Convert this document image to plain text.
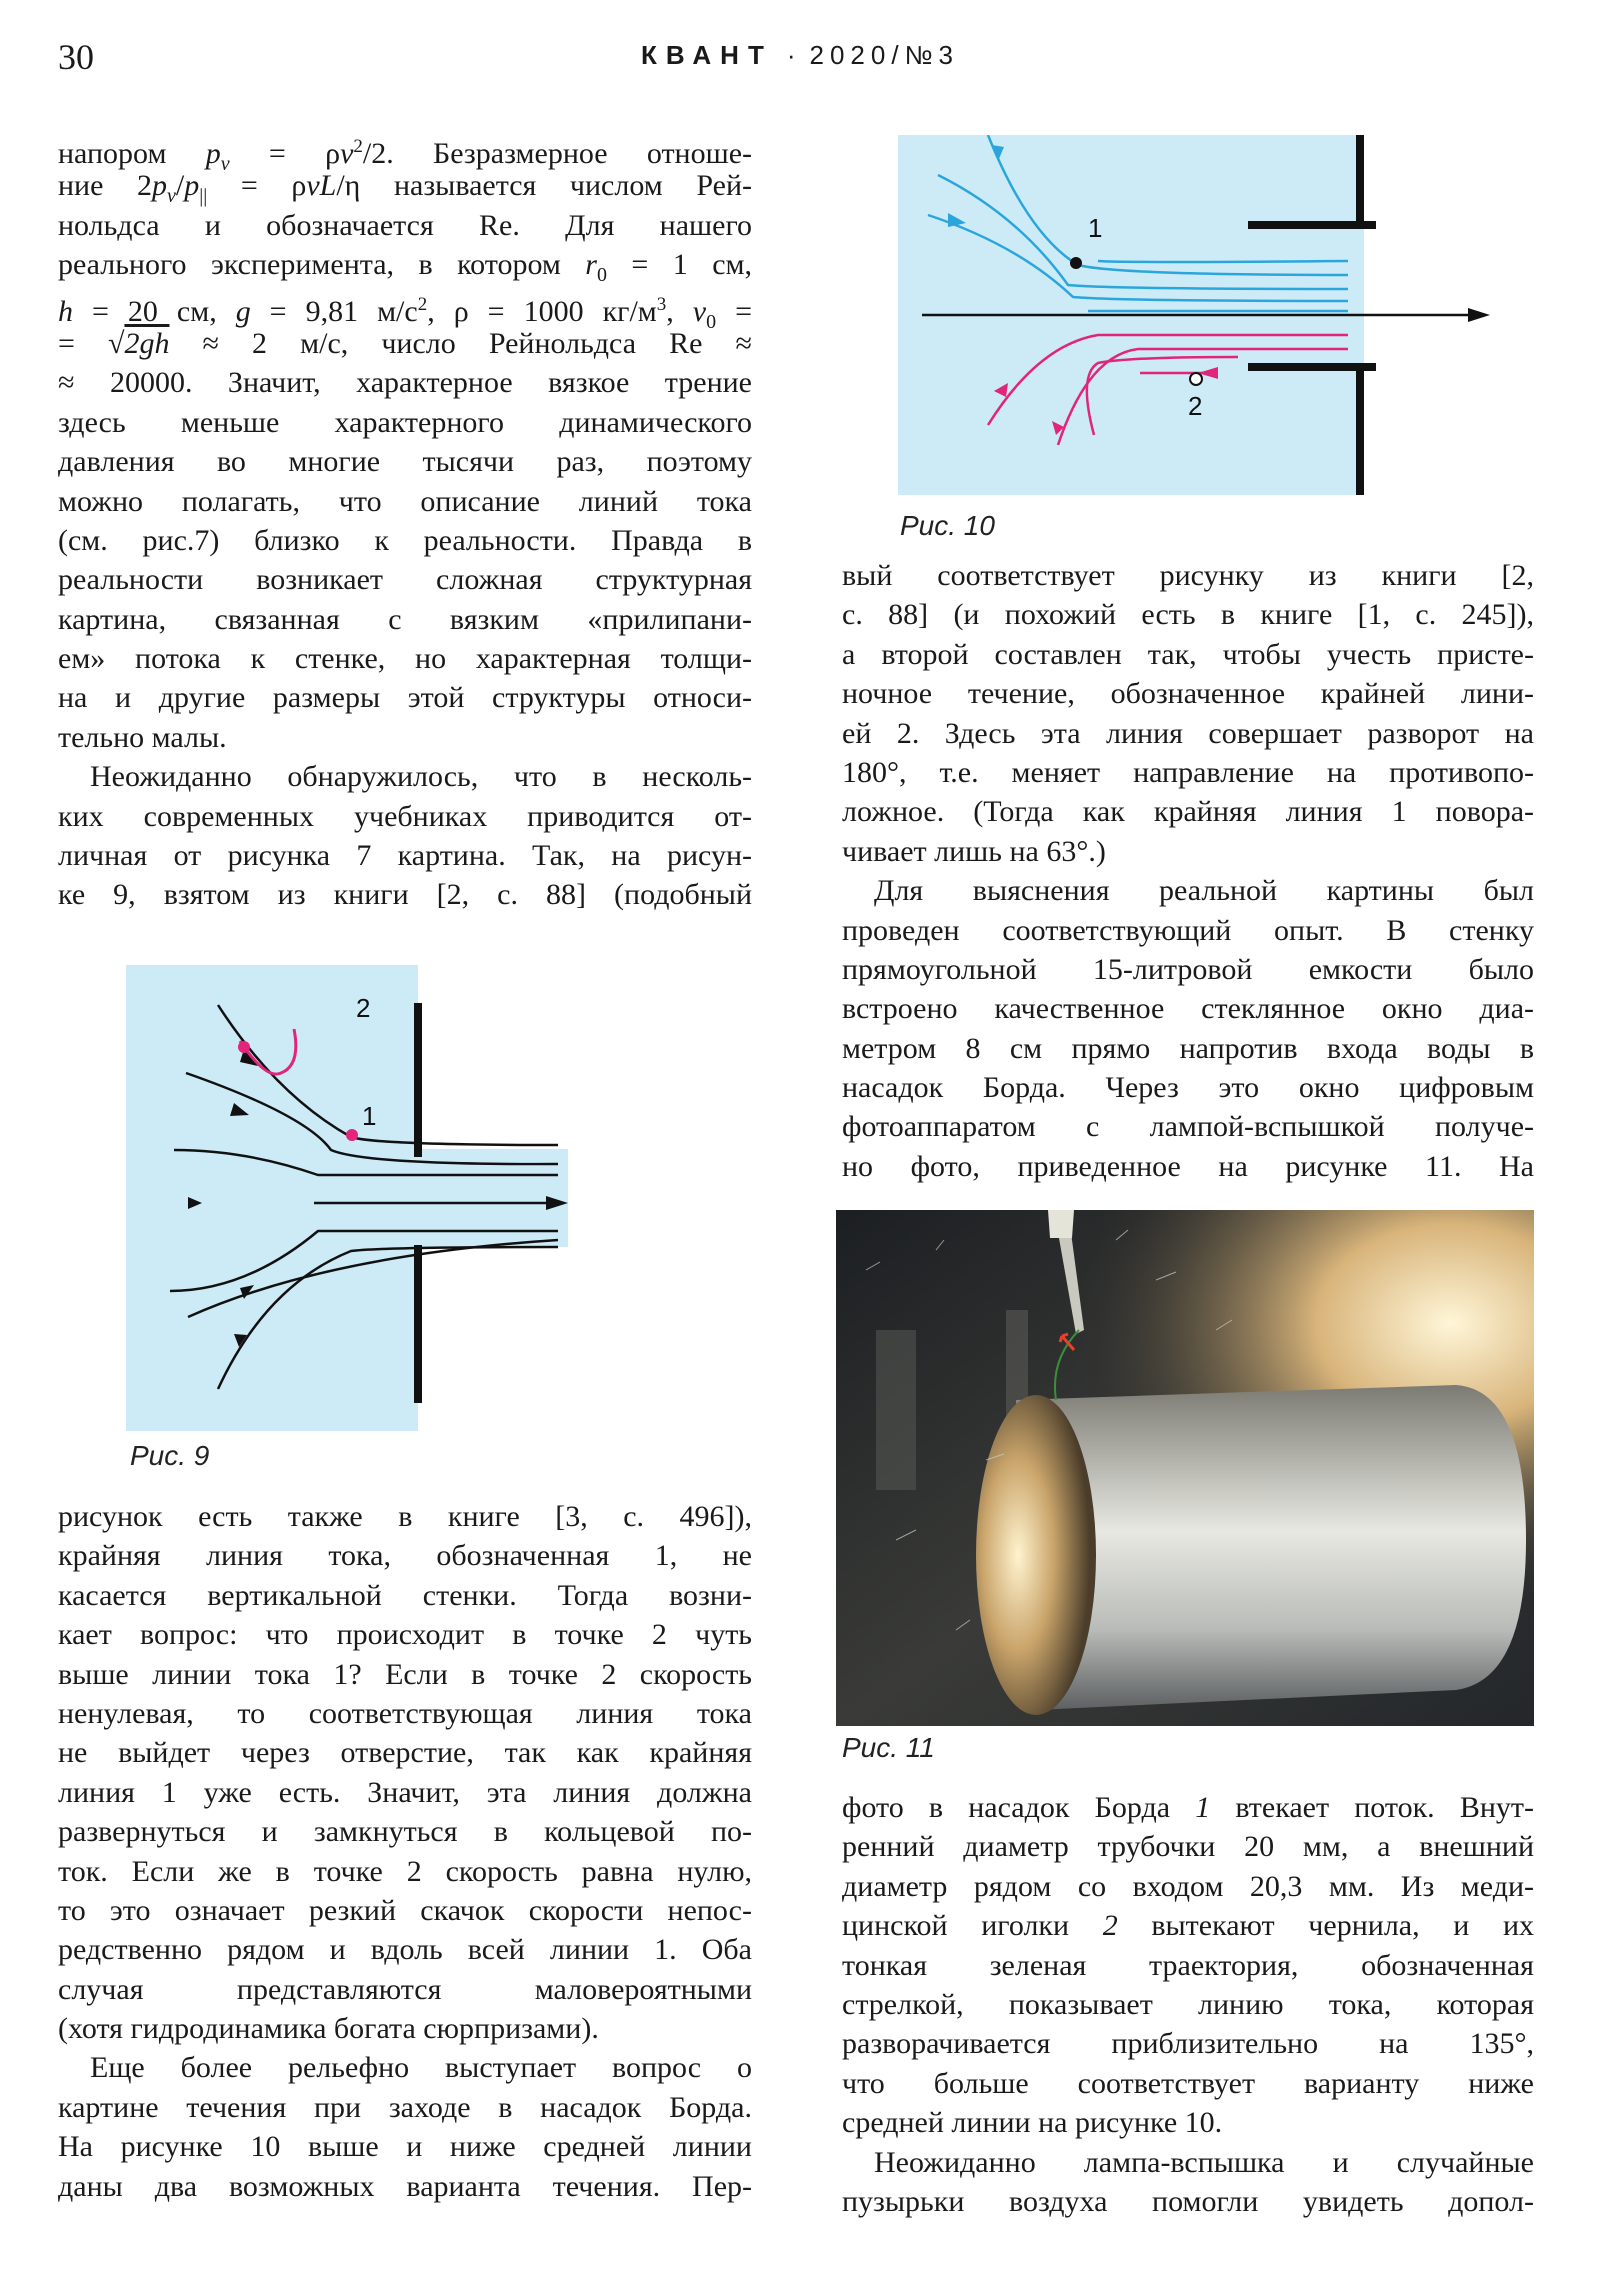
30	КВАНТ · 2020/№3
напором $p_v = \rho v^2/2$. Безразмерное отноше-
ние $2p_v/p_{||} = \rho vL/\eta$ называется числом Рей-
нольдса и обозначается Re. Для нашего
реального эксперимента, в котором $r_0 = 1$ см,
h = 20 см, g = 9,81 $м/с^2$, ρ = 1000 $кг/м^3$, $v_0$ =
= √2gh ≈ 2 м/с, число Рейнольдса Re ≈
≈ 20000. Значит, характерное вязкое трение
здесь меньше характерного динамического
давления во многие тысячи раз, поэтому
можно полагать, что описание линий тока
(см. рис.7) близко к реальности. Правда в
реальности возникает сложная структурная
картина, связанная с вязким «прилипани-
ем» потока к стенке, но характерная толщи-
на и другие размеры этой структуры относи-
тельно малы.
Неожиданно обнаружилось, что в несколь-
ких современных учебниках приводится от-
личная от рисунка 7 картина. Так, на рисун-
ке 9, взятом из книги [2, с. 88] (подобный
1
2
Рис. 9
рисунок есть также в книге [3, с. 496]),
крайняя линия тока, обозначенная 1, не
касается вертикальной стенки. Тогда возни-
кает вопрос: что происходит в точке 2 чуть
выше линии тока 1? Если в точке 2 скорость
ненулевая, то соответствующая линия тока
не выйдет через отверстие, так как крайняя
линия 1 уже есть. Значит, эта линия должна
развернуться и замкнуться в кольцевой по-
ток. Если же в точке 2 скорость равна нулю,
то это означает резкий скачок скорости непос-
редственно рядом и вдоль всей линии 1. Оба
случая представляются маловероятными
(хотя гидродинамика богата сюрпризами).
Еще более рельефно выступает вопрос о
картине течения при заходе в насадок Борда.
На рисунке 10 выше и ниже средней линии
даны два возможных варианта течения. Пер-
1
2
Рис. 10
вый соответствует рисунку из книги [2,
с. 88] (и похожий есть в книге [1, с. 245]),
а второй составлен так, чтобы учесть присте-
ночное течение, обозначенное крайней лини-
ей 2. Здесь эта линия совершает разворот на
180°, т.е. меняет направление на противопо-
ложное. (Тогда как крайняя линия 1 повора-
чивает лишь на 63°.)
Для выяснения реальной картины был
проведен соответствующий опыт. В стенку
прямоугольной 15-литровой емкости было
встроено качественное стеклянное окно диа-
метром 8 см прямо напротив входа воды в
насадок Борда. Через это окно цифровым
фотоаппаратом с лампой-вспышкой получе-
но фото, приведенное на рисунке 11. На
Рис. 11
фото в насадок Борда 1 втекает поток. Внут-
ренний диаметр трубочки 20 мм, а внешний
диаметр рядом со входом 20,3 мм. Из меди-
цинской иголки 2 вытекают чернила, и их
тонкая зеленая траектория, обозначенная
стрелкой, показывает линию тока, которая
разворачивается приблизительно на 135°,
что больше соответствует варианту ниже
средней линии на рисунке 10.
Неожиданно лампа-вспышка и случайные
пузырьки воздуха помогли увидеть допол-
